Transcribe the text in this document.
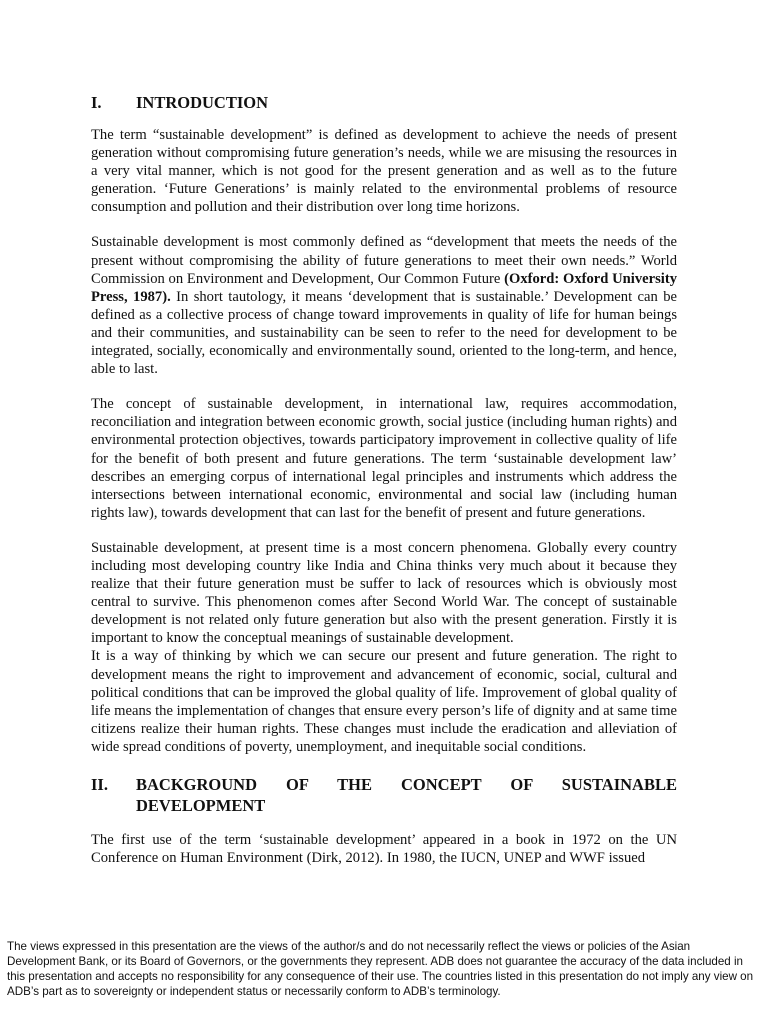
I.	INTRODUCTION

The term “sustainable development” is defined as development to achieve the needs of present generation without compromising future generation’s needs, while we are misusing the resources in a very vital manner, which is not good for the present generation and as well as to the future generation. ‘Future Generations’ is mainly related to the environmental problems of resource consumption and pollution and their distribution over long time horizons.

Sustainable development is most commonly defined as “development that meets the needs of the present without compromising the ability of future generations to meet their own needs.” World Commission on Environment and Development, Our Common Future (Oxford: Oxford University Press, 1987). In short tautology, it means ‘development that is sustainable.’ Development can be defined as a collective process of change toward improvements in quality of life for human beings and their communities, and sustainability can be seen to refer to the need for development to be integrated, socially, economically and environmentally sound, oriented to the long-term, and hence, able to last.

The concept of sustainable development, in international law, requires accommodation, reconciliation and integration between economic growth, social justice (including human rights) and environmental protection objectives, towards participatory improvement in collective quality of life for the benefit of both present and future generations. The term ‘sustainable development law’ describes an emerging corpus of international legal principles and instruments which address the intersections between international economic, environmental and social law (including human rights law), towards development that can last for the benefit of present and future generations.

Sustainable development, at present time is a most concern phenomena. Globally every country including most developing country like India and China thinks very much about it because they realize that their future generation must be suffer to lack of resources which is obviously most central to survive. This phenomenon comes after Second World War. The concept of sustainable development is not related only future generation but also with the present generation. Firstly it is important to know the conceptual meanings of sustainable development.

It is a way of thinking by which we can secure our present and future generation. The right to development means the right to improvement and advancement of economic, social, cultural and political conditions that can be improved the global quality of life. Improvement of global quality of life means the implementation of changes that ensure every person’s life of dignity and at same time citizens realize their human rights. These changes must include the eradication and alleviation of wide spread conditions of poverty, unemployment, and inequitable social conditions.

II.	BACKGROUND OF THE CONCEPT OF SUSTAINABLE DEVELOPMENT

The first use of the term ‘sustainable development’ appeared in a book in 1972 on the UN Conference on Human Environment (Dirk, 2012). In 1980, the IUCN, UNEP and WWF issued

The views expressed in this presentation are the views of the author/s and do not necessarily reflect the views or policies of the Asian Development Bank, or its Board of Governors, or the governments they represent. ADB does not guarantee the accuracy of the data included in this presentation and accepts no responsibility for any consequence of their use. The countries listed in this presentation do not imply any view on ADB’s part as to sovereignty or independent status or necessarily conform to ADB’s terminology.
